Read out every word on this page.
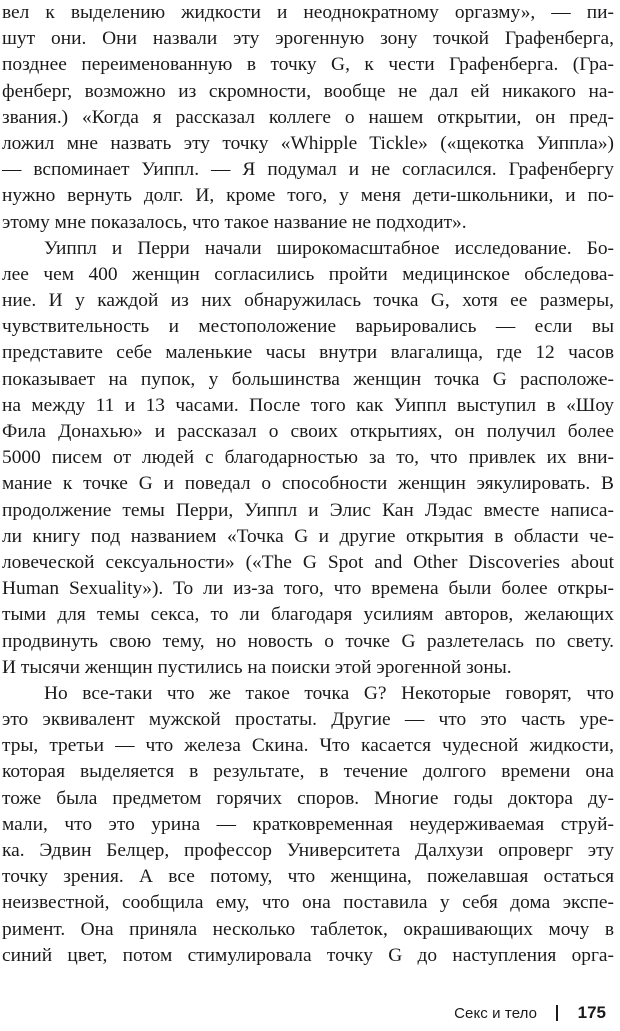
вел к выделению жидкости и неоднократному оргазму», — пи-
шут они. Они назвали эту эрогенную зону точкой Графенберга,
позднее переименованную в точку G, к чести Графенберга. (Гра-
фенберг, возможно из скромности, вообще не дал ей никакого на-
звания.) «Когда я рассказал коллеге о нашем открытии, он пред-
ложил мне назвать эту точку «Whipple Tickle» («щекотка Уиппла»)
— вспоминает Уиппл. — Я подумал и не согласился. Графенбергу
нужно вернуть долг. И, кроме того, у меня дети-школьники, и по-
этому мне показалось, что такое название не подходит».
Уиппл и Перри начали широкомасштабное исследование. Бо-
лее чем 400 женщин согласились пройти медицинское обследова-
ние. И у каждой из них обнаружилась точка G, хотя ее размеры,
чувствительность и местоположение варьировались — если вы
представите себе маленькие часы внутри влагалища, где 12 часов
показывает на пупок, у большинства женщин точка G расположе-
на между 11 и 13 часами. После того как Уиппл выступил в «Шоу
Фила Донахью» и рассказал о своих открытиях, он получил более
5000 писем от людей с благодарностью за то, что привлек их вни-
мание к точке G и поведал о способности женщин эякулировать. В
продолжение темы Перри, Уиппл и Элис Кан Лэдас вместе написа-
ли книгу под названием «Точка G и другие открытия в области че-
ловеческой сексуальности» («The G Spot and Other Discoveries about
Human Sexuality»). То ли из-за того, что времена были более откры-
тыми для темы секса, то ли благодаря усилиям авторов, желающих
продвинуть свою тему, но новость о точке G разлетелась по свету.
И тысячи женщин пустились на поиски этой эрогенной зоны.
Но все-таки что же такое точка G? Некоторые говорят, что
это эквивалент мужской простаты. Другие — что это часть уре-
тры, третьи — что железа Скина. Что касается чудесной жидкости,
которая выделяется в результате, в течение долгого времени она
тоже была предметом горячих споров. Многие годы доктора ду-
мали, что это урина — кратковременная неудерживаемая струй-
ка. Эдвин Белцер, профессор Университета Далхузи опроверг эту
точку зрения. А все потому, что женщина, пожелавшая остаться
неизвестной, сообщила ему, что она поставила у себя дома экспе-
римент. Она приняла несколько таблеток, окрашивающих мочу в
синий цвет, потом стимулировала точку G до наступления орга-
Секс и тело 175
